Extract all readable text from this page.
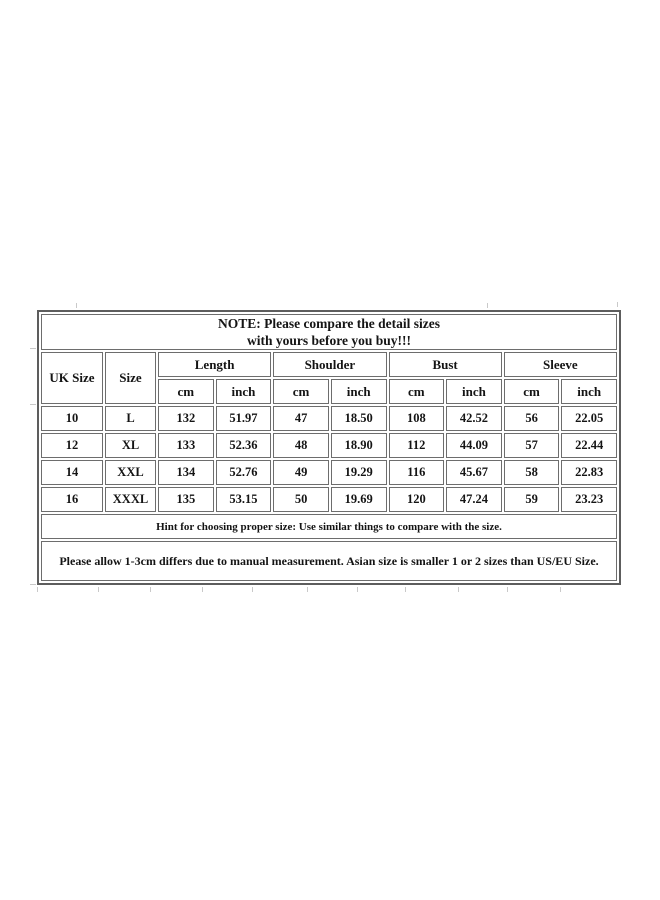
NOTE: Please compare the detail sizes
with yours before you buy!!!									

UK Size	Size	Length		Shoulder		Bust		Sleeve	
		cm	inch	cm	inch	cm	inch	cm	inch
10	L	132	51.97	47	18.50	108	42.52	56	22.05
12	XL	133	52.36	48	18.90	112	44.09	57	22.44
14	XXL	134	52.76	49	19.29	116	45.67	58	22.83
16	XXXL	135	53.15	50	19.69	120	47.24	59	23.23
Hint for choosing proper size: Use similar things to compare with the size.									
Please allow 1-3cm differs due to manual measurement. Asian size is smaller 1 or 2 sizes than US/EU Size.									
